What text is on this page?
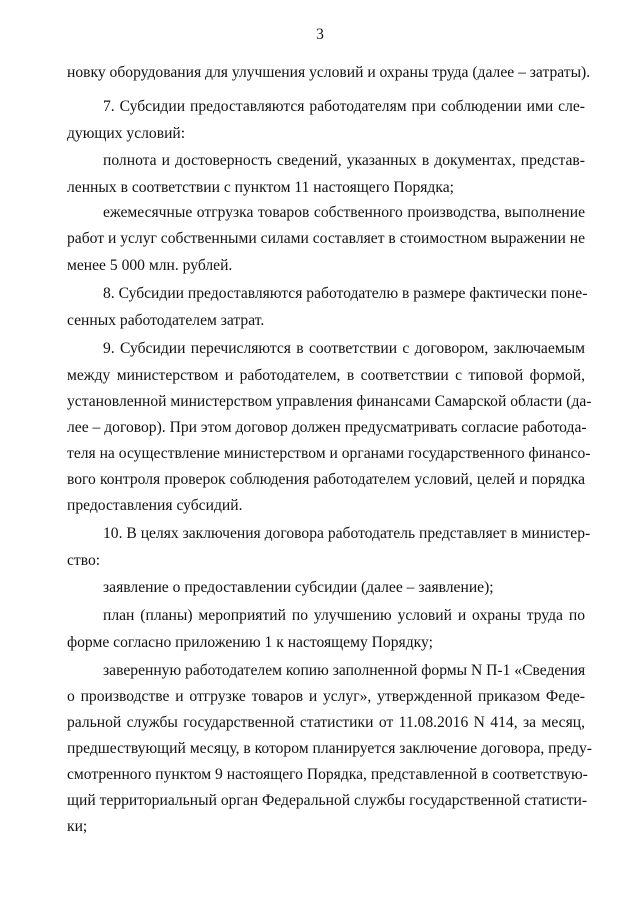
3
новку оборудования для улучшения условий и охраны труда (далее – затраты).
7. Субсидии предоставляются работодателям при соблюдении ими сле-
дующих условий:
полнота и достоверность сведений, указанных в документах, представ-
ленных в соответствии с пунктом 11 настоящего Порядка;
ежемесячные отгрузка товаров собственного производства, выполнение
работ и услуг собственными силами составляет в стоимостном выражении не
менее 5 000 млн. рублей.
8. Субсидии предоставляются работодателю в размере фактически понe-
сенных работодателем затрат.
9. Субсидии перечисляются в соответствии с договором, заключаемым
между министерством и работодателем, в соответствии с типовой формой,
установленной министерством управления финансами Самарской области (да-
лее – договор). При этом договор должен предусматривать согласие работода-
теля на осуществление министерством и органами государственного финансо-
вого контроля проверок соблюдения работодателем условий, целей и порядка
предоставления субсидий.
10. В целях заключения договора работодатель представляет в министер-
ство:
заявление о предоставлении субсидии (далее – заявление);
план (планы) мероприятий по улучшению условий и охраны труда по
форме согласно приложению 1 к настоящему Порядку;
заверенную работодателем копию заполненной формы N П-1 «Сведения
о производстве и отгрузке товаров и услуг», утвержденной приказом Феде-
ральной службы государственной статистики от 11.08.2016 N 414, за месяц,
предшествующий месяцу, в котором планируется заключение договора, преду-
смотренного пунктом 9 настоящего Порядка, представленной в соответствую-
щий территориальный орган Федеральной службы государственной статисти-
ки;
